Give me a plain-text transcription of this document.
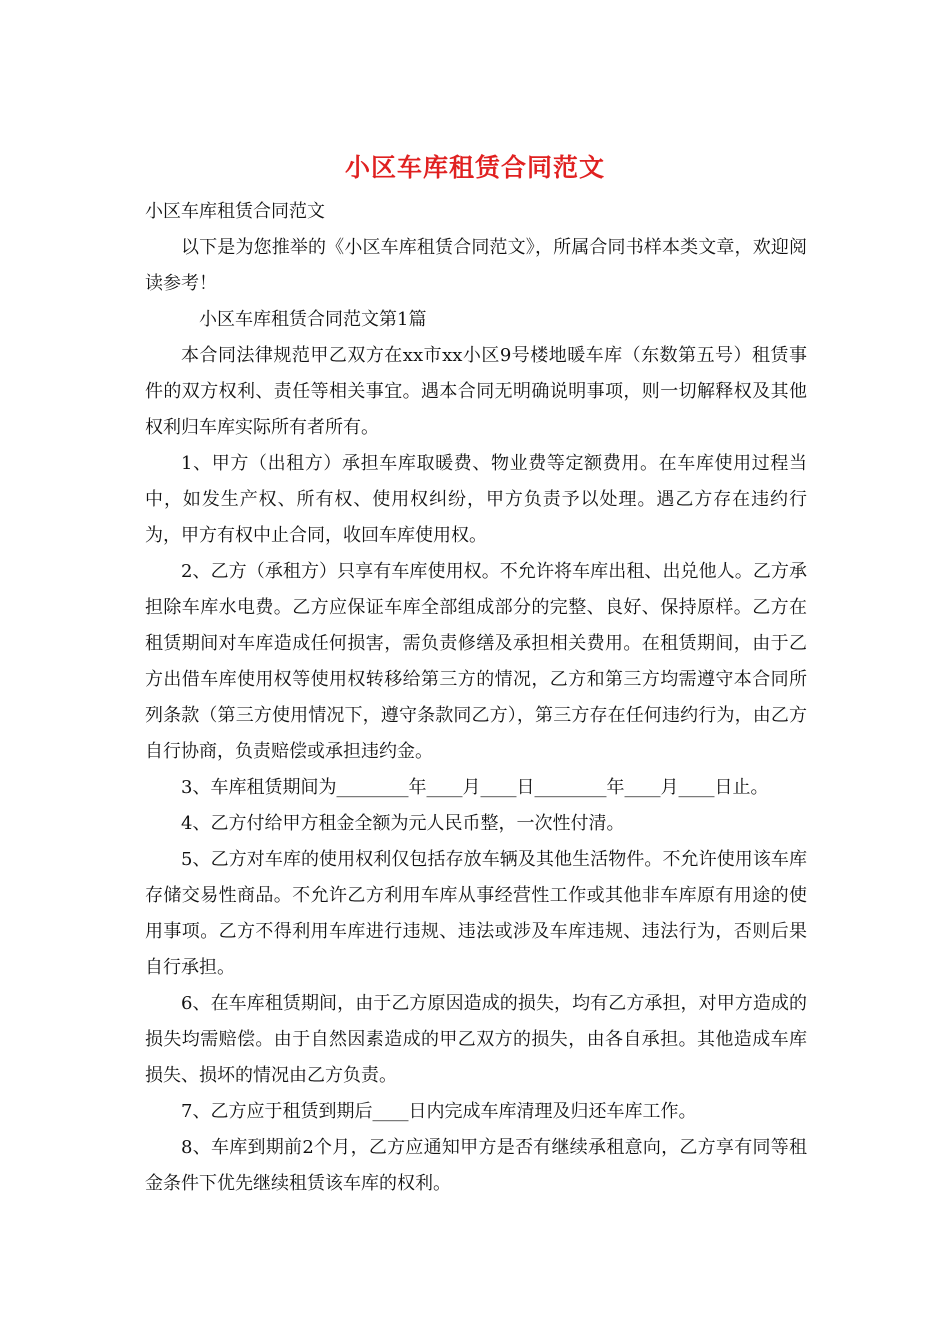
小区车库租赁合同范文

小区车库租赁合同范文

以下是为您推举的《小区车库租赁合同范文》，所属合同书样本类文章，欢迎阅读参考！

小区车库租赁合同范文第1篇

本合同法律规范甲乙双方在xx市xx小区9号楼地暖车库（东数第五号）租赁事件的双方权利、责任等相关事宜。遇本合同无明确说明事项，则一切解释权及其他权利归车库实际所有者所有。

1、甲方（出租方）承担车库取暖费、物业费等定额费用。在车库使用过程当中，如发生产权、所有权、使用权纠纷，甲方负责予以处理。遇乙方存在违约行为，甲方有权中止合同，收回车库使用权。

2、乙方（承租方）只享有车库使用权。不允许将车库出租、出兑他人。乙方承担除车库水电费。乙方应保证车库全部组成部分的完整、良好、保持原样。乙方在租赁期间对车库造成任何损害，需负责修缮及承担相关费用。在租赁期间，由于乙方出借车库使用权等使用权转移给第三方的情况，乙方和第三方均需遵守本合同所列条款（第三方使用情况下，遵守条款同乙方），第三方存在任何违约行为，由乙方自行协商，负责赔偿或承担违约金。

3、车库租赁期间为________年____月____日________年____月____日止。

4、乙方付给甲方租金全额为元人民币整，一次性付清。

5、乙方对车库的使用权利仅包括存放车辆及其他生活物件。不允许使用该车库存储交易性商品。不允许乙方利用车库从事经营性工作或其他非车库原有用途的使用事项。乙方不得利用车库进行违规、违法或涉及车库违规、违法行为，否则后果自行承担。

6、在车库租赁期间，由于乙方原因造成的损失，均有乙方承担，对甲方造成的损失均需赔偿。由于自然因素造成的甲乙双方的损失，由各自承担。其他造成车库损失、损坏的情况由乙方负责。

7、乙方应于租赁到期后____日内完成车库清理及归还车库工作。

8、车库到期前2个月，乙方应通知甲方是否有继续承租意向，乙方享有同等租金条件下优先继续租赁该车库的权利。
